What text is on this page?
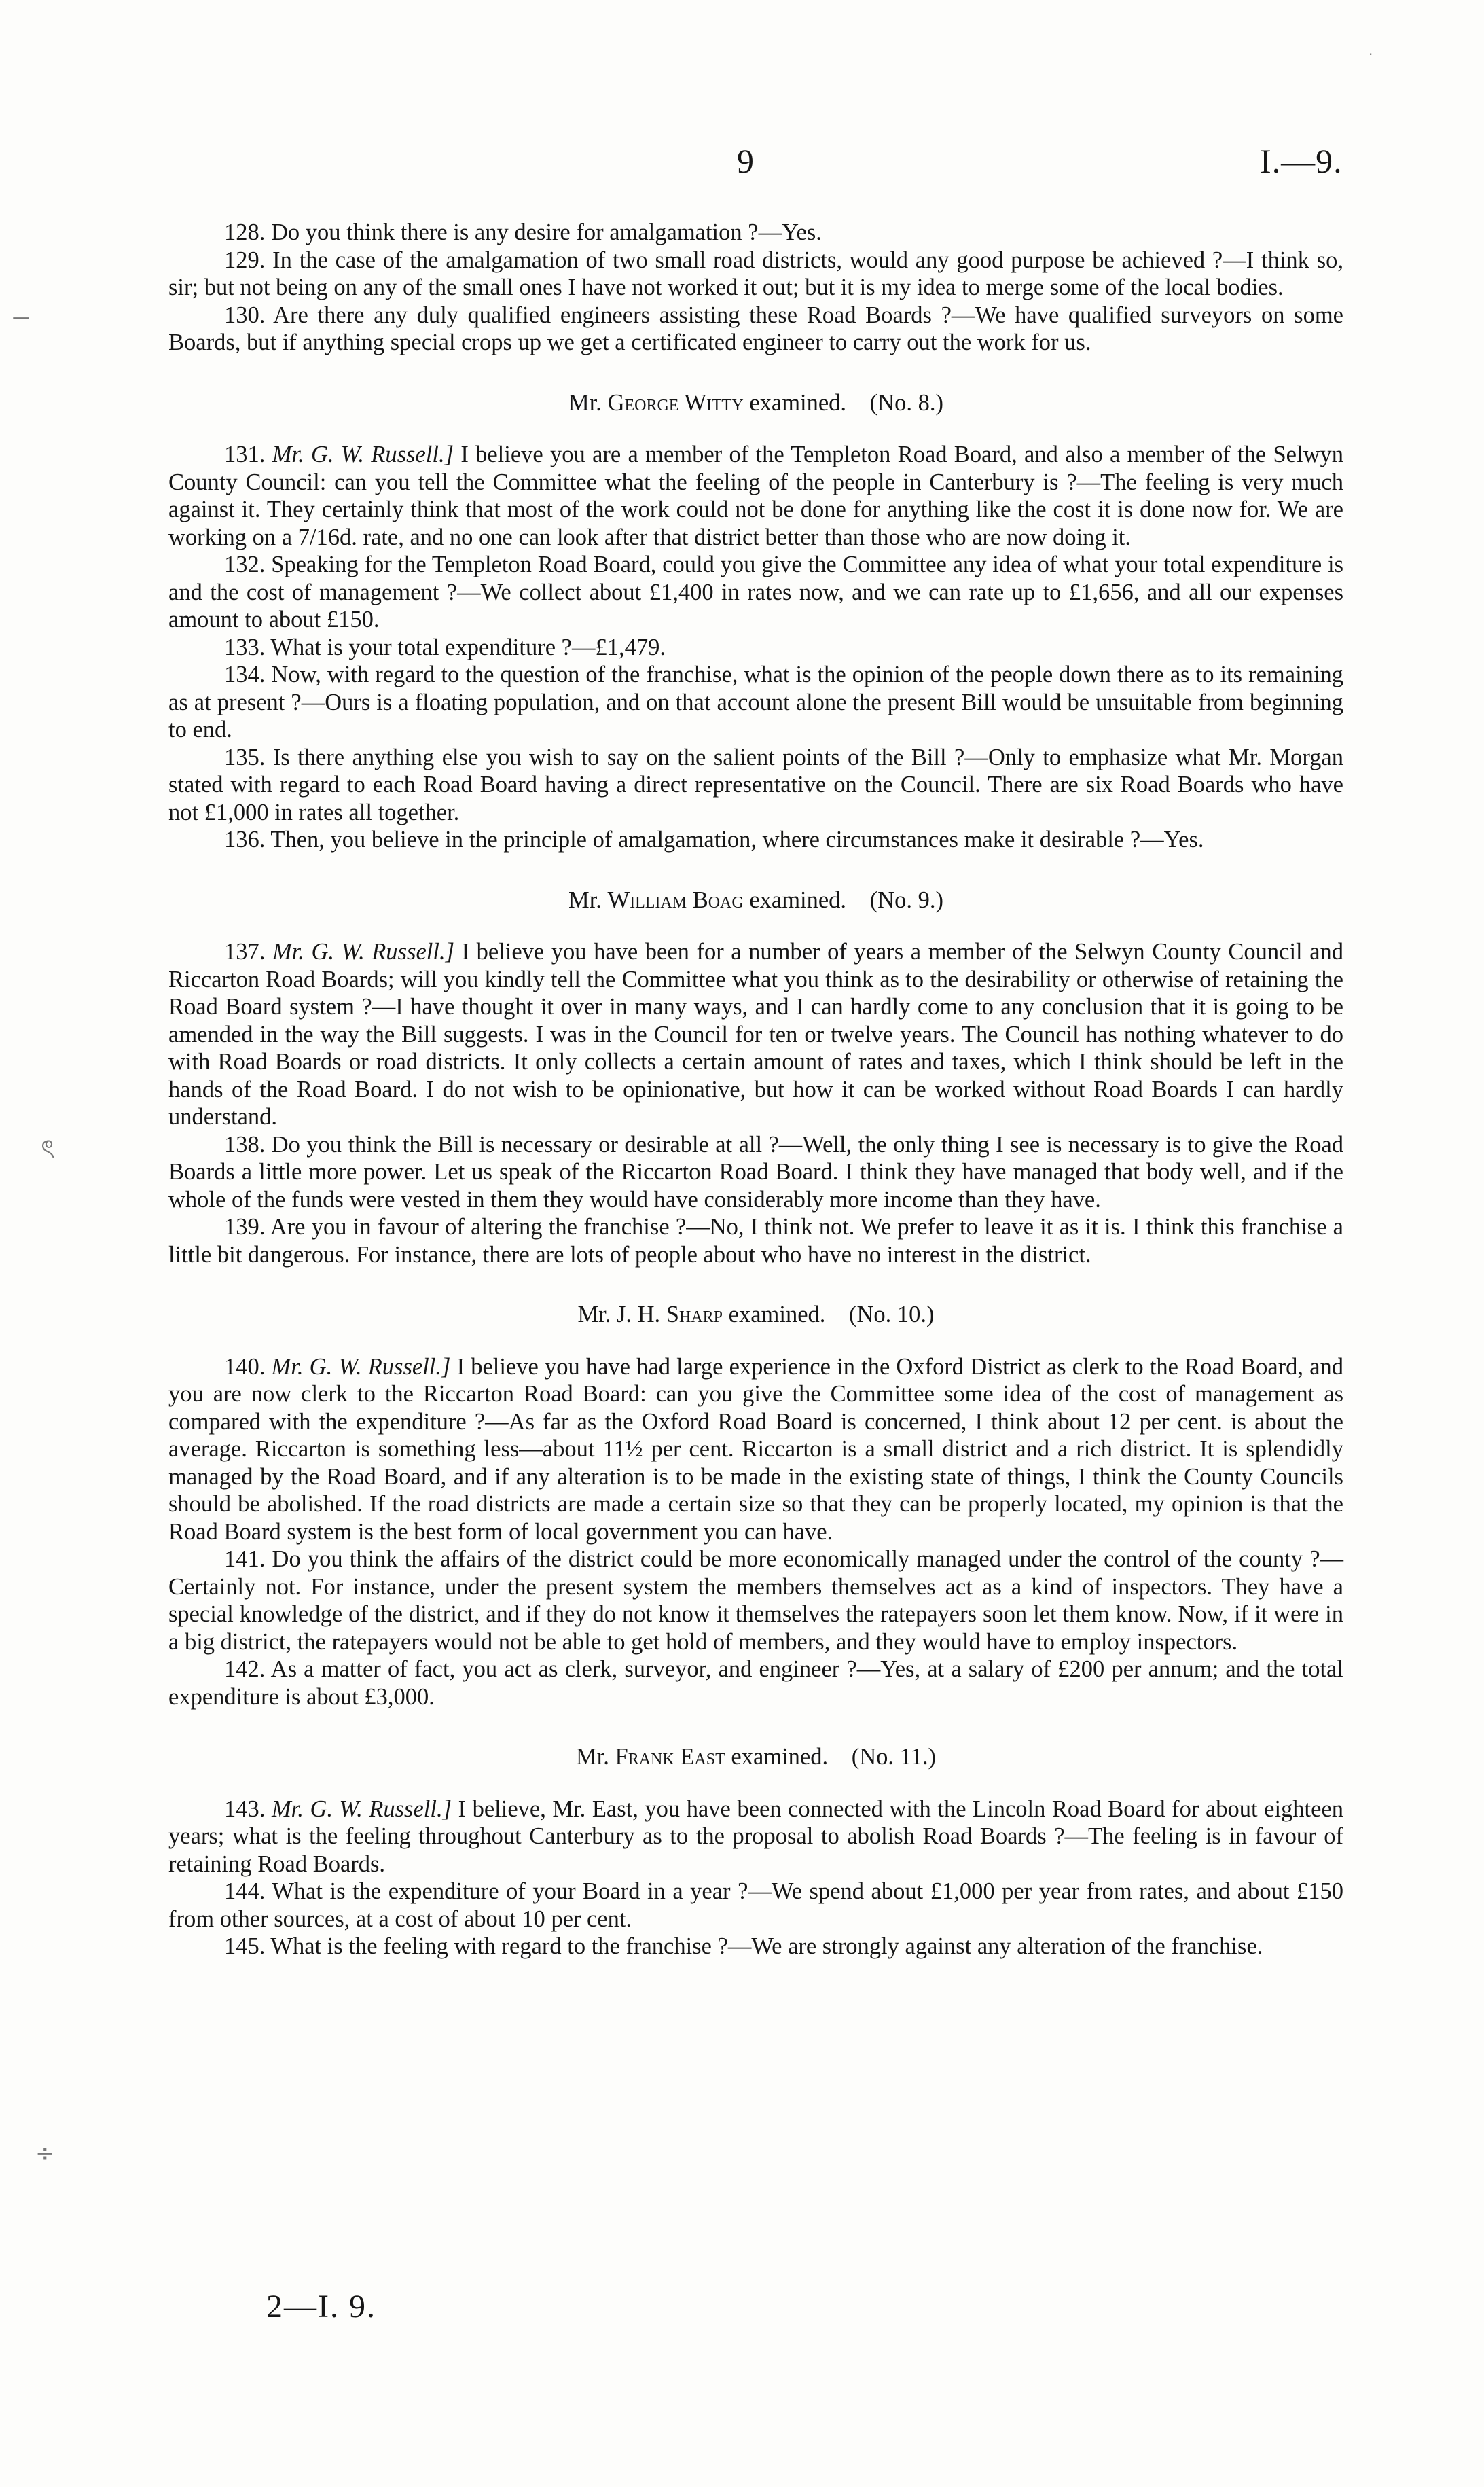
9	I.—9.

128. Do you think there is any desire for amalgamation ?—Yes.

129. In the case of the amalgamation of two small road districts, would any good purpose be achieved ?—I think so, sir; but not being on any of the small ones I have not worked it out; but it is my idea to merge some of the local bodies.

130. Are there any duly qualified engineers assisting these Road Boards ?—We have qualified surveyors on some Boards, but if anything special crops up we get a certificated engineer to carry out the work for us.

Mr. George Witty examined. (No. 8.)

131. Mr. G. W. Russell.] I believe you are a member of the Templeton Road Board, and also a member of the Selwyn County Council: can you tell the Committee what the feeling of the people in Canterbury is ?—The feeling is very much against it. They certainly think that most of the work could not be done for anything like the cost it is done now for. We are working on a 7/16d. rate, and no one can look after that district better than those who are now doing it.

132. Speaking for the Templeton Road Board, could you give the Committee any idea of what your total expenditure is and the cost of management ?—We collect about £1,400 in rates now, and we can rate up to £1,656, and all our expenses amount to about £150.

133. What is your total expenditure ?—£1,479.

134. Now, with regard to the question of the franchise, what is the opinion of the people down there as to its remaining as at present ?—Ours is a floating population, and on that account alone the present Bill would be unsuitable from beginning to end.

135. Is there anything else you wish to say on the salient points of the Bill ?—Only to emphasize what Mr. Morgan stated with regard to each Road Board having a direct representative on the Council. There are six Road Boards who have not £1,000 in rates all together.

136. Then, you believe in the principle of amalgamation, where circumstances make it desirable ?—Yes.

Mr. William Boag examined. (No. 9.)

137. Mr. G. W. Russell.] I believe you have been for a number of years a member of the Selwyn County Council and Riccarton Road Boards; will you kindly tell the Committee what you think as to the desirability or otherwise of retaining the Road Board system ?—I have thought it over in many ways, and I can hardly come to any conclusion that it is going to be amended in the way the Bill suggests. I was in the Council for ten or twelve years. The Council has nothing whatever to do with Road Boards or road districts. It only collects a certain amount of rates and taxes, which I think should be left in the hands of the Road Board. I do not wish to be opinionative, but how it can be worked without Road Boards I can hardly understand.

138. Do you think the Bill is necessary or desirable at all ?—Well, the only thing I see is necessary is to give the Road Boards a little more power. Let us speak of the Riccarton Road Board. I think they have managed that body well, and if the whole of the funds were vested in them they would have considerably more income than they have.

139. Are you in favour of altering the franchise ?—No, I think not. We prefer to leave it as it is. I think this franchise a little bit dangerous. For instance, there are lots of people about who have no interest in the district.

Mr. J. H. Sharp examined. (No. 10.)

140. Mr. G. W. Russell.] I believe you have had large experience in the Oxford District as clerk to the Road Board, and you are now clerk to the Riccarton Road Board: can you give the Committee some idea of the cost of management as compared with the expenditure ?—As far as the Oxford Road Board is concerned, I think about 12 per cent. is about the average. Riccarton is something less—about 11½ per cent. Riccarton is a small district and a rich district. It is splendidly managed by the Road Board, and if any alteration is to be made in the existing state of things, I think the County Councils should be abolished. If the road districts are made a certain size so that they can be properly located, my opinion is that the Road Board system is the best form of local government you can have.

141. Do you think the affairs of the district could be more economically managed under the control of the county ?—Certainly not. For instance, under the present system the members themselves act as a kind of inspectors. They have a special knowledge of the district, and if they do not know it themselves the ratepayers soon let them know. Now, if it were in a big district, the ratepayers would not be able to get hold of members, and they would have to employ inspectors.

142. As a matter of fact, you act as clerk, surveyor, and engineer ?—Yes, at a salary of £200 per annum; and the total expenditure is about £3,000.

Mr. Frank East examined. (No. 11.)

143. Mr. G. W. Russell.] I believe, Mr. East, you have been connected with the Lincoln Road Board for about eighteen years; what is the feeling throughout Canterbury as to the proposal to abolish Road Boards ?—The feeling is in favour of retaining Road Boards.

144. What is the expenditure of your Board in a year ?—We spend about £1,000 per year from rates, and about £150 from other sources, at a cost of about 10 per cent.

145. What is the feeling with regard to the franchise ?—We are strongly against any alteration of the franchise.

2—I. 9.
—
ৎ
÷
·
